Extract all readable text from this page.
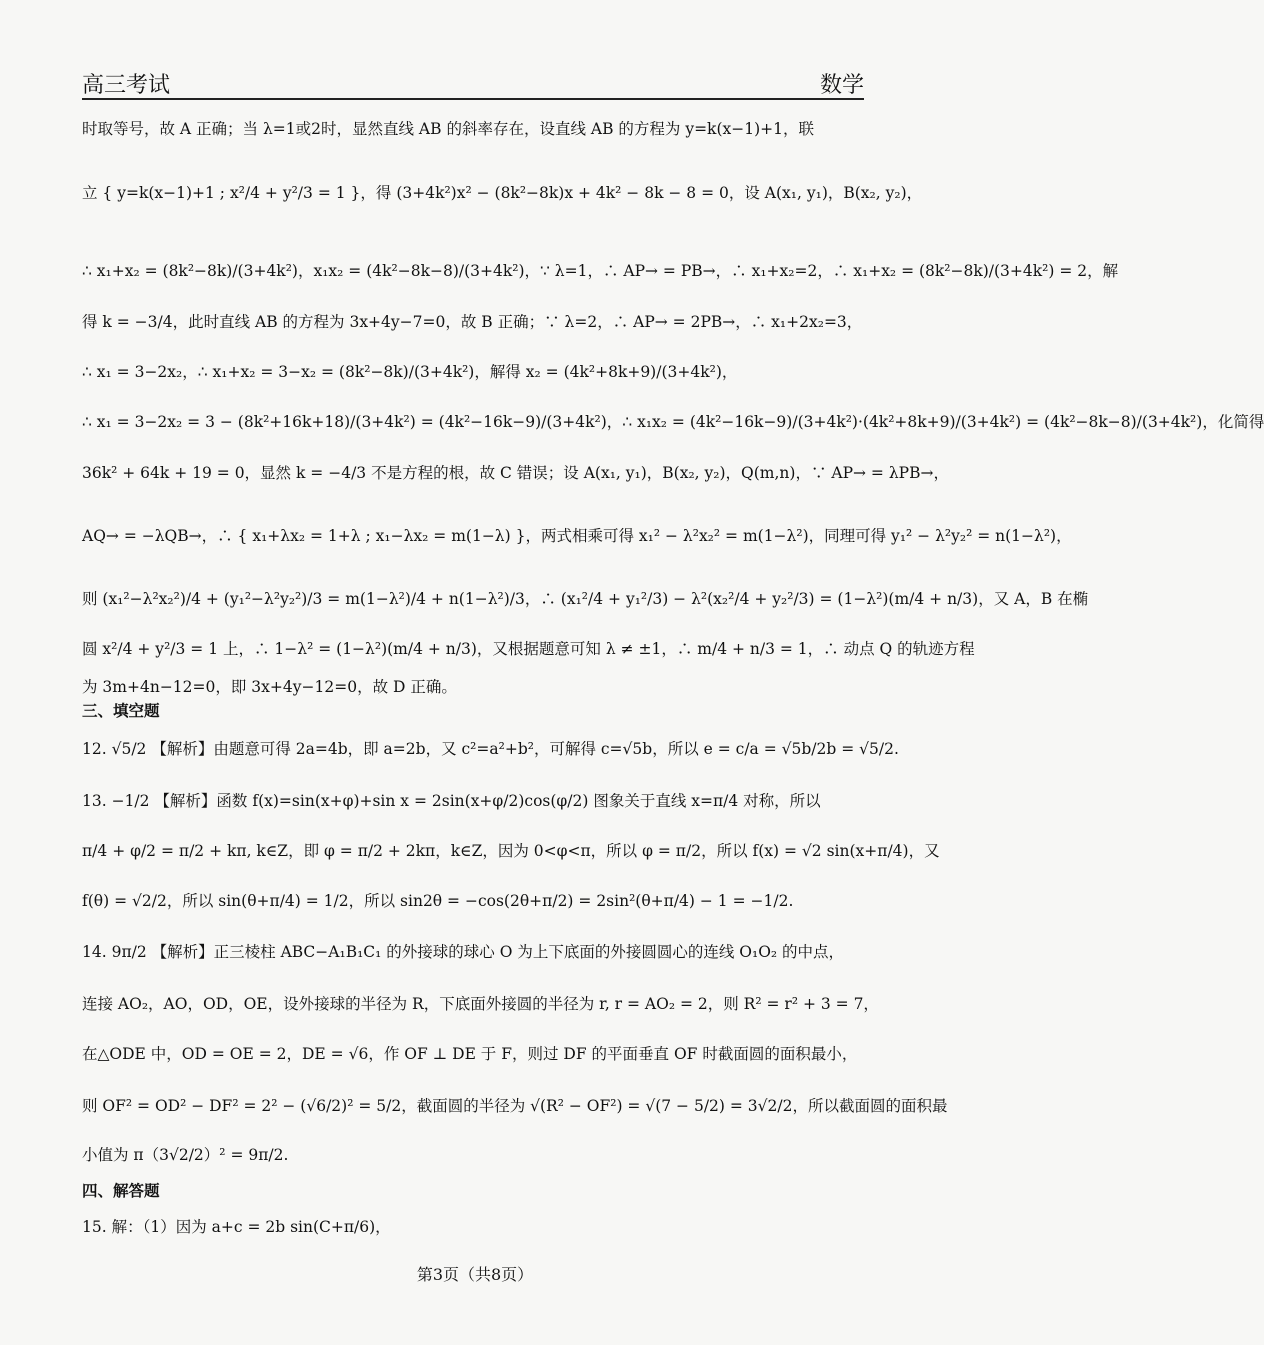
高三考试	数学
时取等号，故 A 正确；当 λ=1或2时，显然直线 AB 的斜率存在，设直线 AB 的方程为 y=k(x−1)+1，联
立 { y=k(x−1)+1 ; x²/4 + y²/3 = 1 }，得 (3+4k²)x² − (8k²−8k)x + 4k² − 8k − 8 = 0，设 A(x₁, y₁)，B(x₂, y₂)，
∴ x₁+x₂ = (8k²−8k)/(3+4k²)，x₁x₂ = (4k²−8k−8)/(3+4k²)，∵ λ=1，∴ AP→ = PB→，∴ x₁+x₂=2，∴ x₁+x₂ = (8k²−8k)/(3+4k²) = 2，解
得 k = −3/4，此时直线 AB 的方程为 3x+4y−7=0，故 B 正确；∵ λ=2，∴ AP→ = 2PB→，∴ x₁+2x₂=3，
∴ x₁ = 3−2x₂，∴ x₁+x₂ = 3−x₂ = (8k²−8k)/(3+4k²)，解得 x₂ = (4k²+8k+9)/(3+4k²)，
∴ x₁ = 3−2x₂ = 3 − (8k²+16k+18)/(3+4k²) = (4k²−16k−9)/(3+4k²)，∴ x₁x₂ = (4k²−16k−9)/(3+4k²)·(4k²+8k+9)/(3+4k²) = (4k²−8k−8)/(3+4k²)，化简得
36k² + 64k + 19 = 0，显然 k = −4/3 不是方程的根，故 C 错误；设 A(x₁, y₁)，B(x₂, y₂)，Q(m,n)，∵ AP→ = λPB→，
AQ→ = −λQB→，∴ { x₁+λx₂ = 1+λ ; x₁−λx₂ = m(1−λ) }，两式相乘可得 x₁² − λ²x₂² = m(1−λ²)，同理可得 y₁² − λ²y₂² = n(1−λ²)，
则 (x₁²−λ²x₂²)/4 + (y₁²−λ²y₂²)/3 = m(1−λ²)/4 + n(1−λ²)/3，∴ (x₁²/4 + y₁²/3) − λ²(x₂²/4 + y₂²/3) = (1−λ²)(m/4 + n/3)，又 A，B 在椭
圆 x²/4 + y²/3 = 1 上，∴ 1−λ² = (1−λ²)(m/4 + n/3)，又根据题意可知 λ ≠ ±1，∴ m/4 + n/3 = 1，∴ 动点 Q 的轨迹方程
为 3m+4n−12=0，即 3x+4y−12=0，故 D 正确。
三、填空题
12. √5/2 【解析】由题意可得 2a=4b，即 a=2b，又 c²=a²+b²，可解得 c=√5b，所以 e = c/a = √5b/2b = √5/2.
13. −1/2 【解析】函数 f(x)=sin(x+φ)+sin x = 2sin(x+φ/2)cos(φ/2) 图象关于直线 x=π/4 对称，所以
π/4 + φ/2 = π/2 + kπ, k∈Z，即 φ = π/2 + 2kπ，k∈Z，因为 0<φ<π，所以 φ = π/2，所以 f(x) = √2 sin(x+π/4)，又
f(θ) = √2/2，所以 sin(θ+π/4) = 1/2，所以 sin2θ = −cos(2θ+π/2) = 2sin²(θ+π/4) − 1 = −1/2.
14. 9π/2 【解析】正三棱柱 ABC−A₁B₁C₁ 的外接球的球心 O 为上下底面的外接圆圆心的连线 O₁O₂ 的中点，
连接 AO₂，AO，OD，OE，设外接球的半径为 R，下底面外接圆的半径为 r, r = AO₂ = 2，则 R² = r² + 3 = 7，
在△ODE 中，OD = OE = 2，DE = √6，作 OF ⊥ DE 于 F，则过 DF 的平面垂直 OF 时截面圆的面积最小，
则 OF² = OD² − DF² = 2² − (√6/2)² = 5/2，截面圆的半径为 √(R² − OF²) = √(7 − 5/2) = 3√2/2，所以截面圆的面积最
小值为 π（3√2/2）² = 9π/2.
四、解答题
15. 解：（1）因为 a+c = 2b sin(C+π/6)，
第3页（共8页）
